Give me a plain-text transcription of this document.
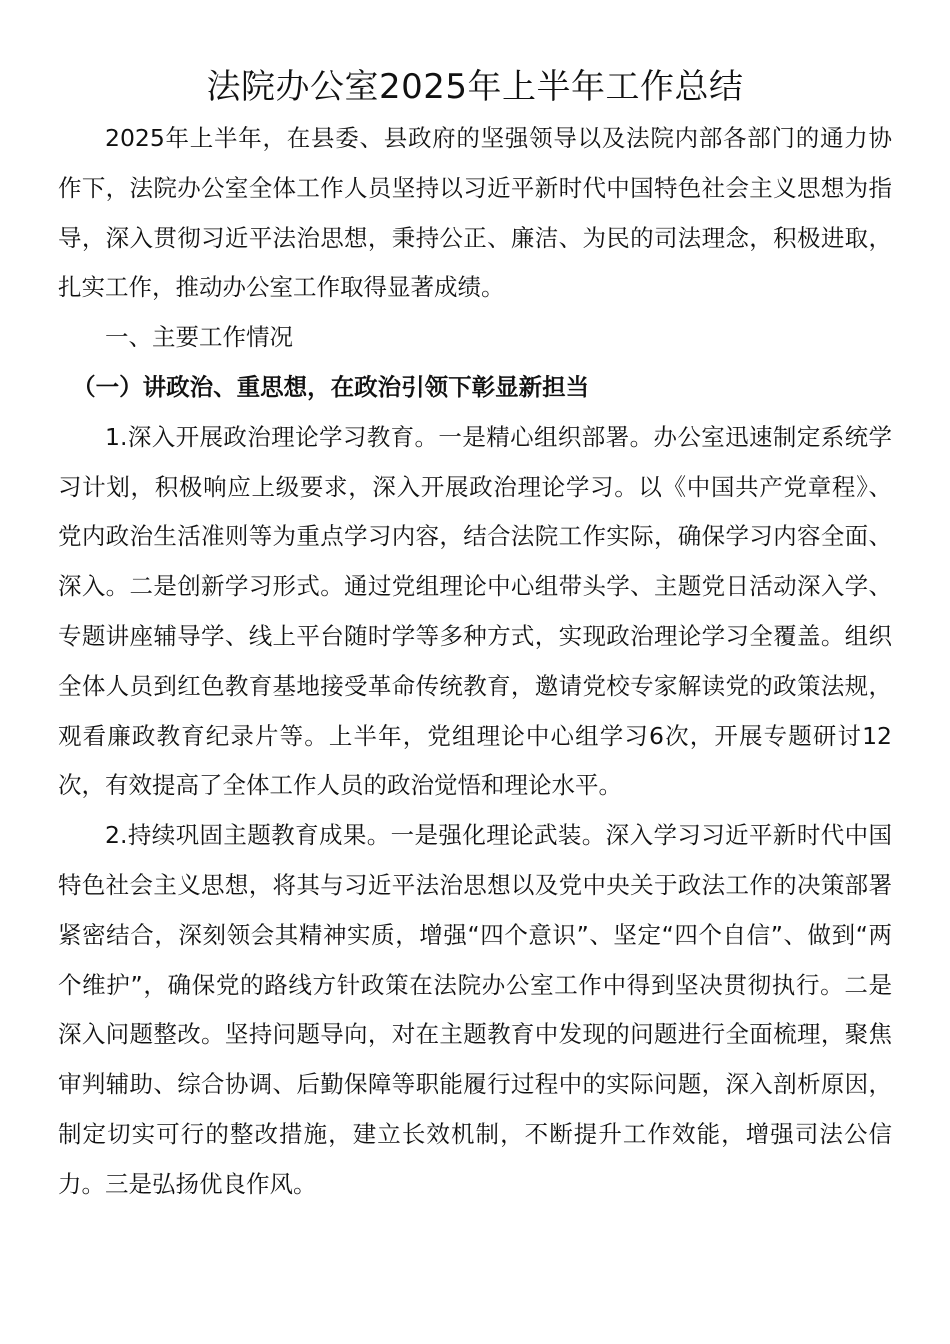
法院办公室2025年上半年工作总结

2025年上半年，在县委、县政府的坚强领导以及法院内部各部门的通力协作下，法院办公室全体工作人员坚持以习近平新时代中国特色社会主义思想为指导，深入贯彻习近平法治思想，秉持公正、廉洁、为民的司法理念，积极进取，扎实工作，推动办公室工作取得显著成绩。

一、主要工作情况

（一）讲政治、重思想，在政治引领下彰显新担当

1.深入开展政治理论学习教育。一是精心组织部署。办公室迅速制定系统学习计划，积极响应上级要求，深入开展政治理论学习。以《中国共产党章程》、党内政治生活准则等为重点学习内容，结合法院工作实际，确保学习内容全面、深入。二是创新学习形式。通过党组理论中心组带头学、主题党日活动深入学、专题讲座辅导学、线上平台随时学等多种方式，实现政治理论学习全覆盖。组织全体人员到红色教育基地接受革命传统教育，邀请党校专家解读党的政策法规，观看廉政教育纪录片等。上半年，党组理论中心组学习6次，开展专题研讨12次，有效提高了全体工作人员的政治觉悟和理论水平。

2.持续巩固主题教育成果。一是强化理论武装。深入学习习近平新时代中国特色社会主义思想，将其与习近平法治思想以及党中央关于政法工作的决策部署紧密结合，深刻领会其精神实质，增强“四个意识”、坚定“四个自信”、做到“两个维护”，确保党的路线方针政策在法院办公室工作中得到坚决贯彻执行。二是深入问题整改。坚持问题导向，对在主题教育中发现的问题进行全面梳理，聚焦审判辅助、综合协调、后勤保障等职能履行过程中的实际问题，深入剖析原因，制定切实可行的整改措施，建立长效机制，不断提升工作效能，增强司法公信力。三是弘扬优良作风。
